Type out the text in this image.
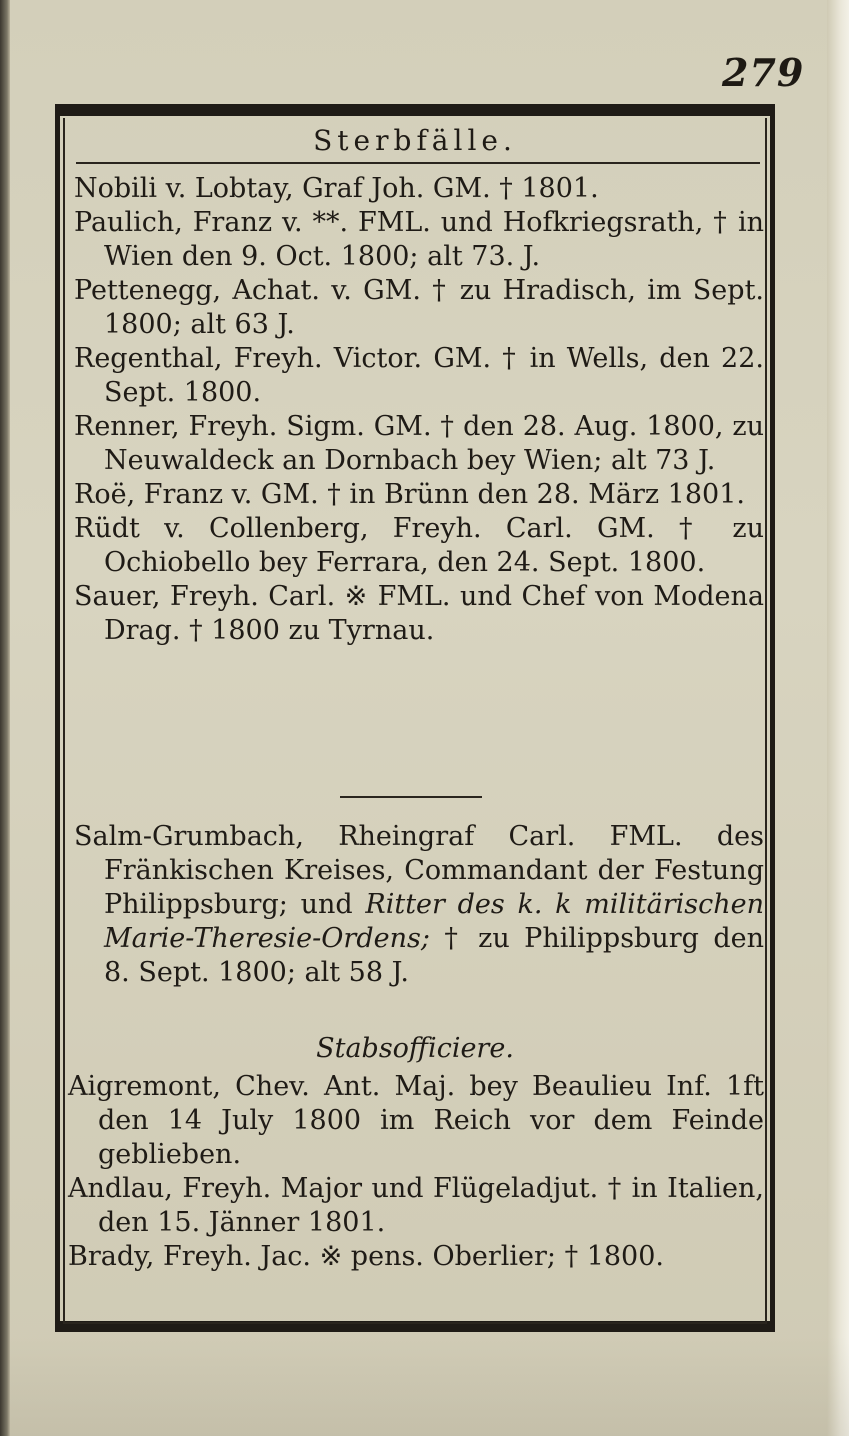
279
Sterbfälle.

Nobili v. Lobtay, Graf Joh. GM. † 1801.

Paulich, Franz v. **. FML. und Hofkriegsrath, † in Wien den 9. Oct. 1800; alt 73. J.

Pettenegg, Achat. v. GM. † zu Hradisch, im Sept. 1800; alt 63 J.

Regenthal, Freyh. Victor. GM. † in Wells, den 22. Sept. 1800.

Renner, Freyh. Sigm. GM. † den 28. Aug. 1800, zu Neuwaldeck an Dornbach bey Wien; alt 73 J.

Roë, Franz v. GM. † in Brünn den 28. März 1801.

Rüdt v. Collenberg, Freyh. Carl. GM. † zu Ochiobello bey Ferrara, den 24. Sept. 1800.

Sauer, Freyh. Carl. ※ FML. und Chef von Modena Drag. † 1800 zu Tyrnau.

Salm-Grumbach, Rheingraf Carl. FML. des Fränkischen Kreises, Commandant der Festung Philippsburg; und Ritter des k. k militärischen Marie-Theresie-Ordens; † zu Philippsburg den 8. Sept. 1800; alt 58 J.

Stabsofficiere.

Aigremont, Chev. Ant. Maj. bey Beaulieu Inf. 1ft den 14 July 1800 im Reich vor dem Feinde geblieben.

Andlau, Freyh. Major und Flügeladjut. † in Italien, den 15. Jänner 1801.

Brady, Freyh. Jac. ※ pens. Oberlier; † 1800.
